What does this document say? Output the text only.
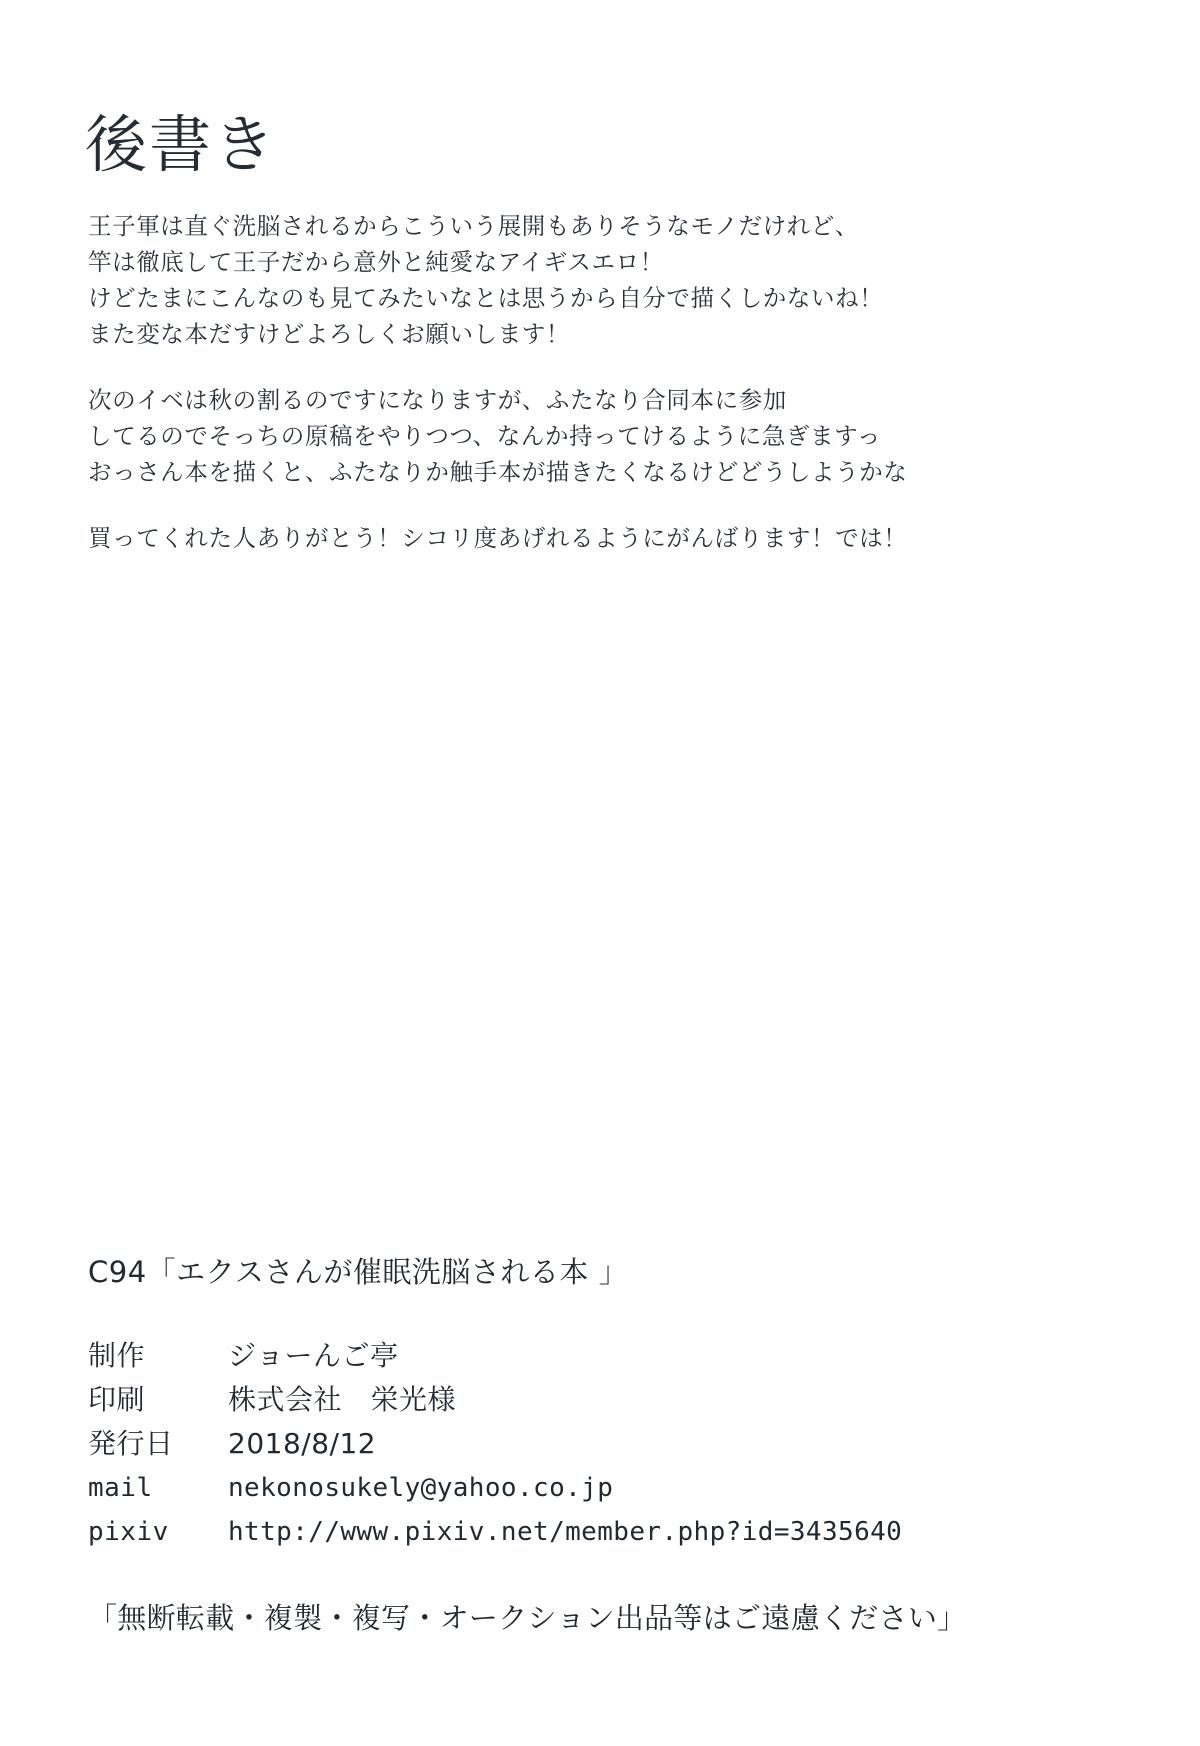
後書き
王子軍は直ぐ洗脳されるからこういう展開もありそうなモノだけれど、
竿は徹底して王子だから意外と純愛なアイギスエロ！
けどたまにこんなのも見てみたいなとは思うから自分で描くしかないね！
また変な本だすけどよろしくお願いします！
次のイベは秋の割るのですになりますが、ふたなり合同本に参加
してるのでそっちの原稿をやりつつ、なんか持ってけるように急ぎますっ
おっさん本を描くと、ふたなりか触手本が描きたくなるけどどうしようかな
買ってくれた人ありがとう！シコリ度あげれるようにがんばります！では！
C94「エクスさんが催眠洗脳される本 」
制作	ジョーんご亭
印刷	株式会社　栄光様
発行日	2018/8/12
mail	nekonosukely@yahoo.co.jp
pixiv	http://www.pixiv.net/member.php?id=3435640
「無断転載・複製・複写・オークション出品等はご遠慮ください」
